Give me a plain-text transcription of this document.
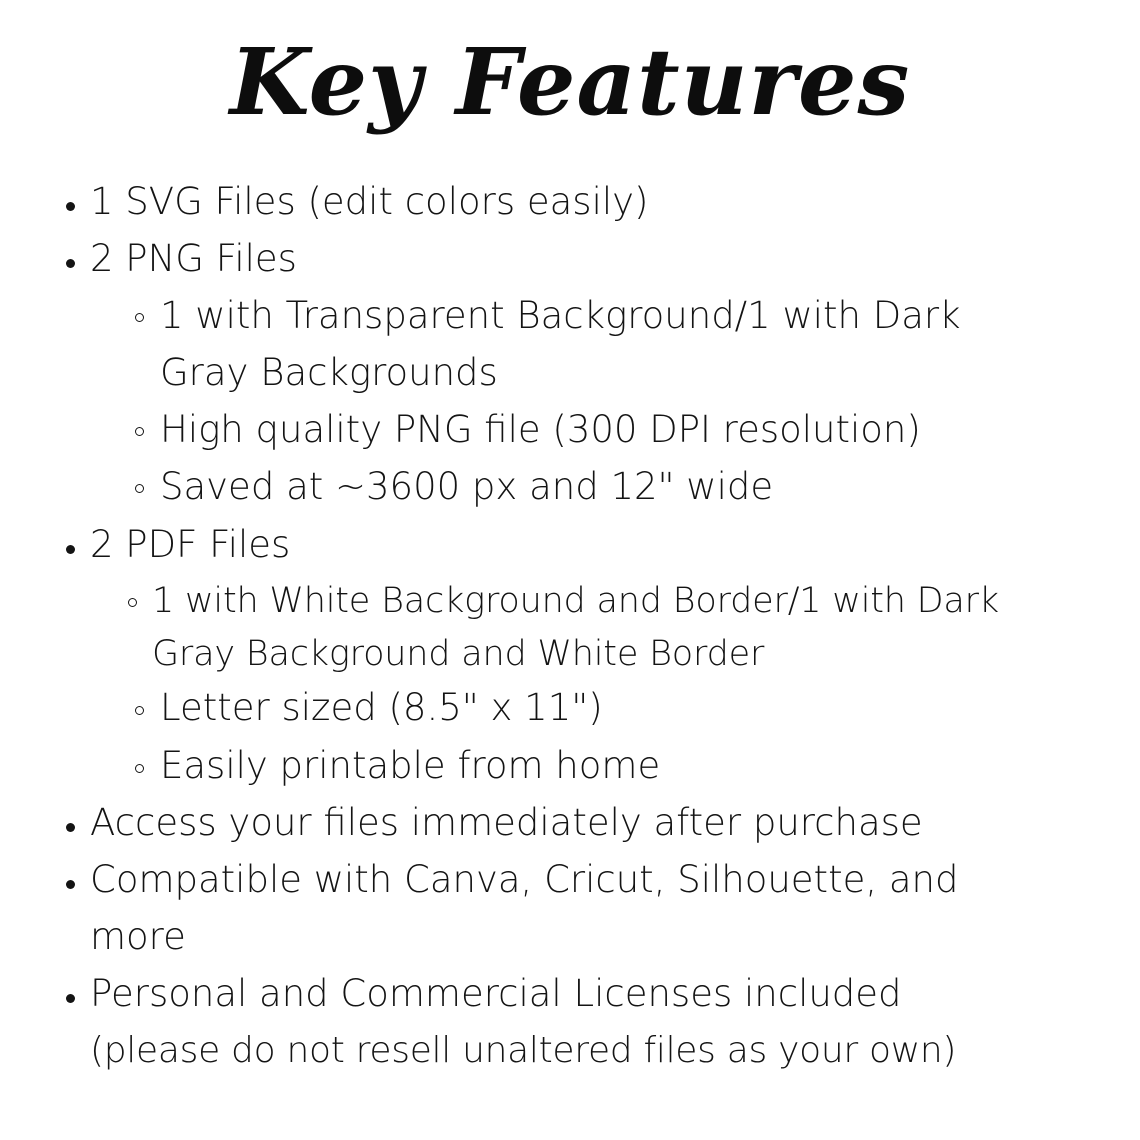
Key Features
1 SVG Files (edit colors easily)
2 PNG Files
1 with Transparent Background/1 with Dark
Gray Backgrounds
High quality PNG file (300 DPI resolution)
Saved at ~3600 px and 12" wide
2 PDF Files
1 with White Background and Border/1 with Dark
Gray Background and White Border
Letter sized (8.5" x 11")
Easily printable from home
Access your files immediately after purchase
Compatible with Canva, Cricut, Silhouette, and
more
Personal and Commercial Licenses included
(please do not resell unaltered files as your own)
